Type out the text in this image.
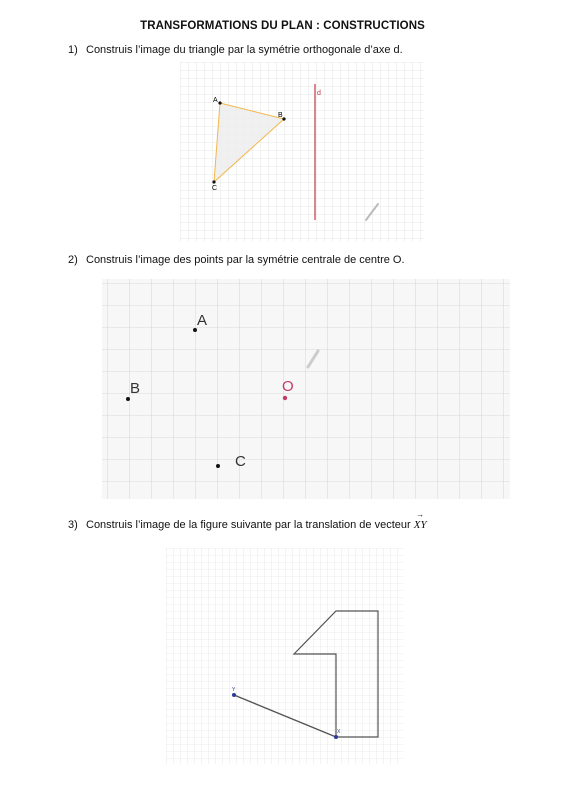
TRANSFORMATIONS DU PLAN : CONSTRUCTIONS
1) Construis l’image du triangle par la symétrie orthogonale d’axe d.
A
B
C
d
2) Construis l’image des points par la symétrie centrale de centre O.
A
B
C
O
3) Construis l’image de la figure suivante par la translation de vecteur → XY
Y
X
